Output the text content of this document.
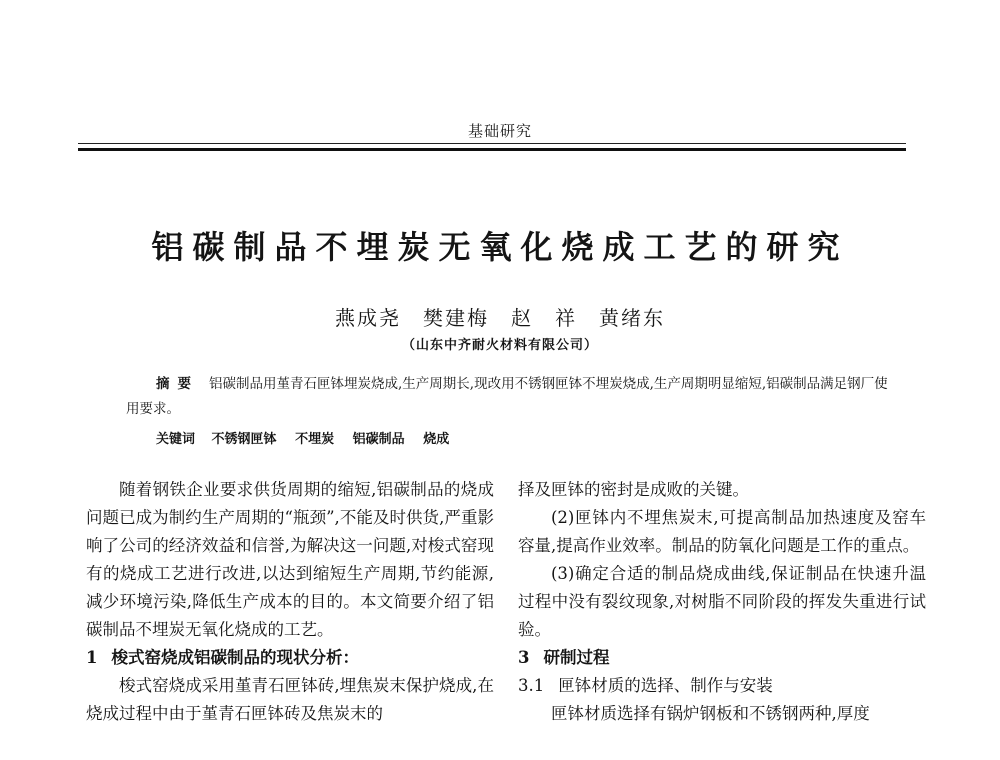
基础研究
铝碳制品不埋炭无氧化烧成工艺的研究
燕成尧　樊建梅　赵　祥　黄绪东
（山东中齐耐火材料有限公司）
摘要 铝碳制品用堇青石匣钵埋炭烧成,生产周期长,现改用不锈钢匣钵不埋炭烧成,生产周期明显缩短,铝碳制品满足钢厂使用要求。
关键词 不锈钢匣钵 不埋炭 铝碳制品 烧成

随着钢铁企业要求供货周期的缩短,铝碳制品的烧成问题已成为制约生产周期的“瓶颈”,不能及时供货,严重影响了公司的经济效益和信誉,为解决这一问题,对梭式窑现有的烧成工艺进行改进,以达到缩短生产周期,节约能源,减少环境污染,降低生产成本的目的。本文简要介绍了铝碳制品不埋炭无氧化烧成的工艺。

1 梭式窑烧成铝碳制品的现状分析：

梭式窑烧成采用堇青石匣钵砖,埋焦炭末保护烧成,在烧成过程中由于堇青石匣钵砖及焦炭末的

择及匣钵的密封是成败的关键。

(2)匣钵内不埋焦炭末,可提高制品加热速度及窑车容量,提高作业效率。制品的防氧化问题是工作的重点。

(3)确定合适的制品烧成曲线,保证制品在快速升温过程中没有裂纹现象,对树脂不同阶段的挥发失重进行试验。

3 研制过程

3.1 匣钵材质的选择、制作与安装

匣钵材质选择有锅炉钢板和不锈钢两种,厚度
